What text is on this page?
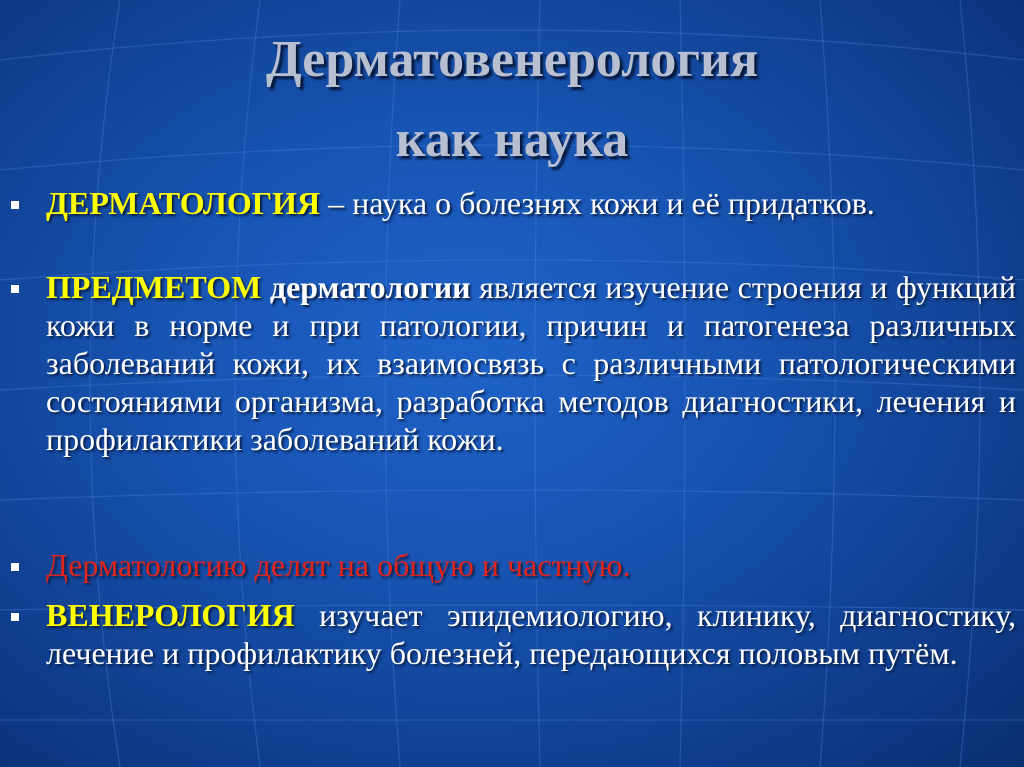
Дерматовенерология
как наука

ДЕРМАТОЛОГИЯ – наука о болезнях кожи и её придатков.

ПРЕДМЕТОМ дерматологии является изучение строения и функций кожи в норме и при патологии, причин и патогенеза различных заболеваний кожи, их взаимосвязь с различными патологическими состояниями организма, разработка методов диагностики, лечения и профилактики заболеваний кожи.

Дерматологию делят на общую и частную.

ВЕНЕРОЛОГИЯ изучает эпидемиологию, клинику, диагностику, лечение и профилактику болезней, передающихся половым путём.
